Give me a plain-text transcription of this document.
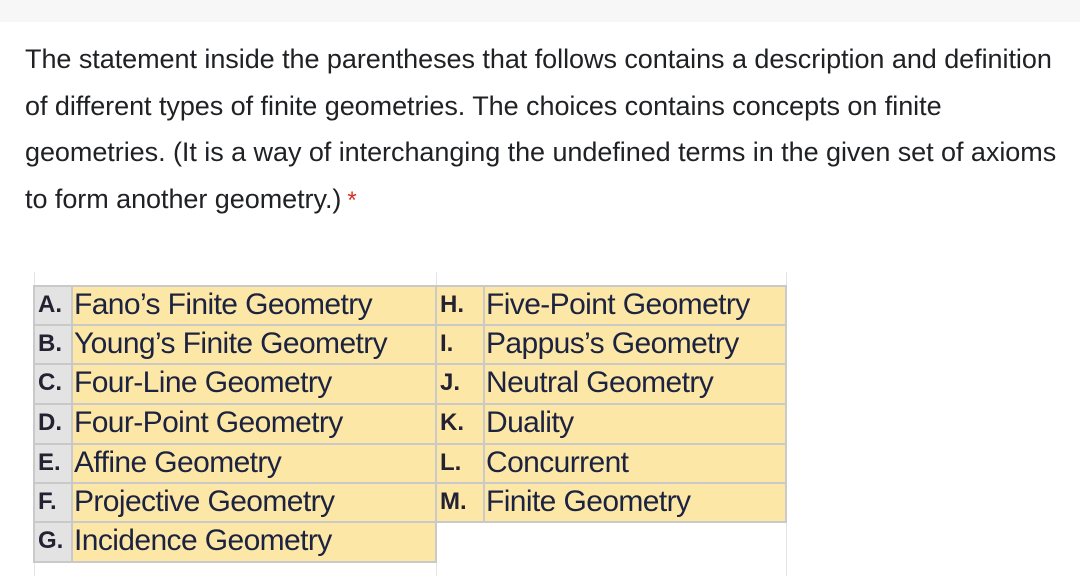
The statement inside the parentheses that follows contains a description and definition of different types of finite geometries. The choices contains concepts on finite geometries. (It is a way of interchanging the undefined terms in the given set of axioms to form another geometry.) *
A. Fano’s Finite Geometry
B. Young’s Finite Geometry
C. Four-Line Geometry
D. Four-Point Geometry
E. Affine Geometry
F. Projective Geometry
G. Incidence Geometry
H. Five-Point Geometry
I.	Pappus’s Geometry
J. Neutral Geometry
K. Duality
L. Concurrent
M. Finite Geometry
